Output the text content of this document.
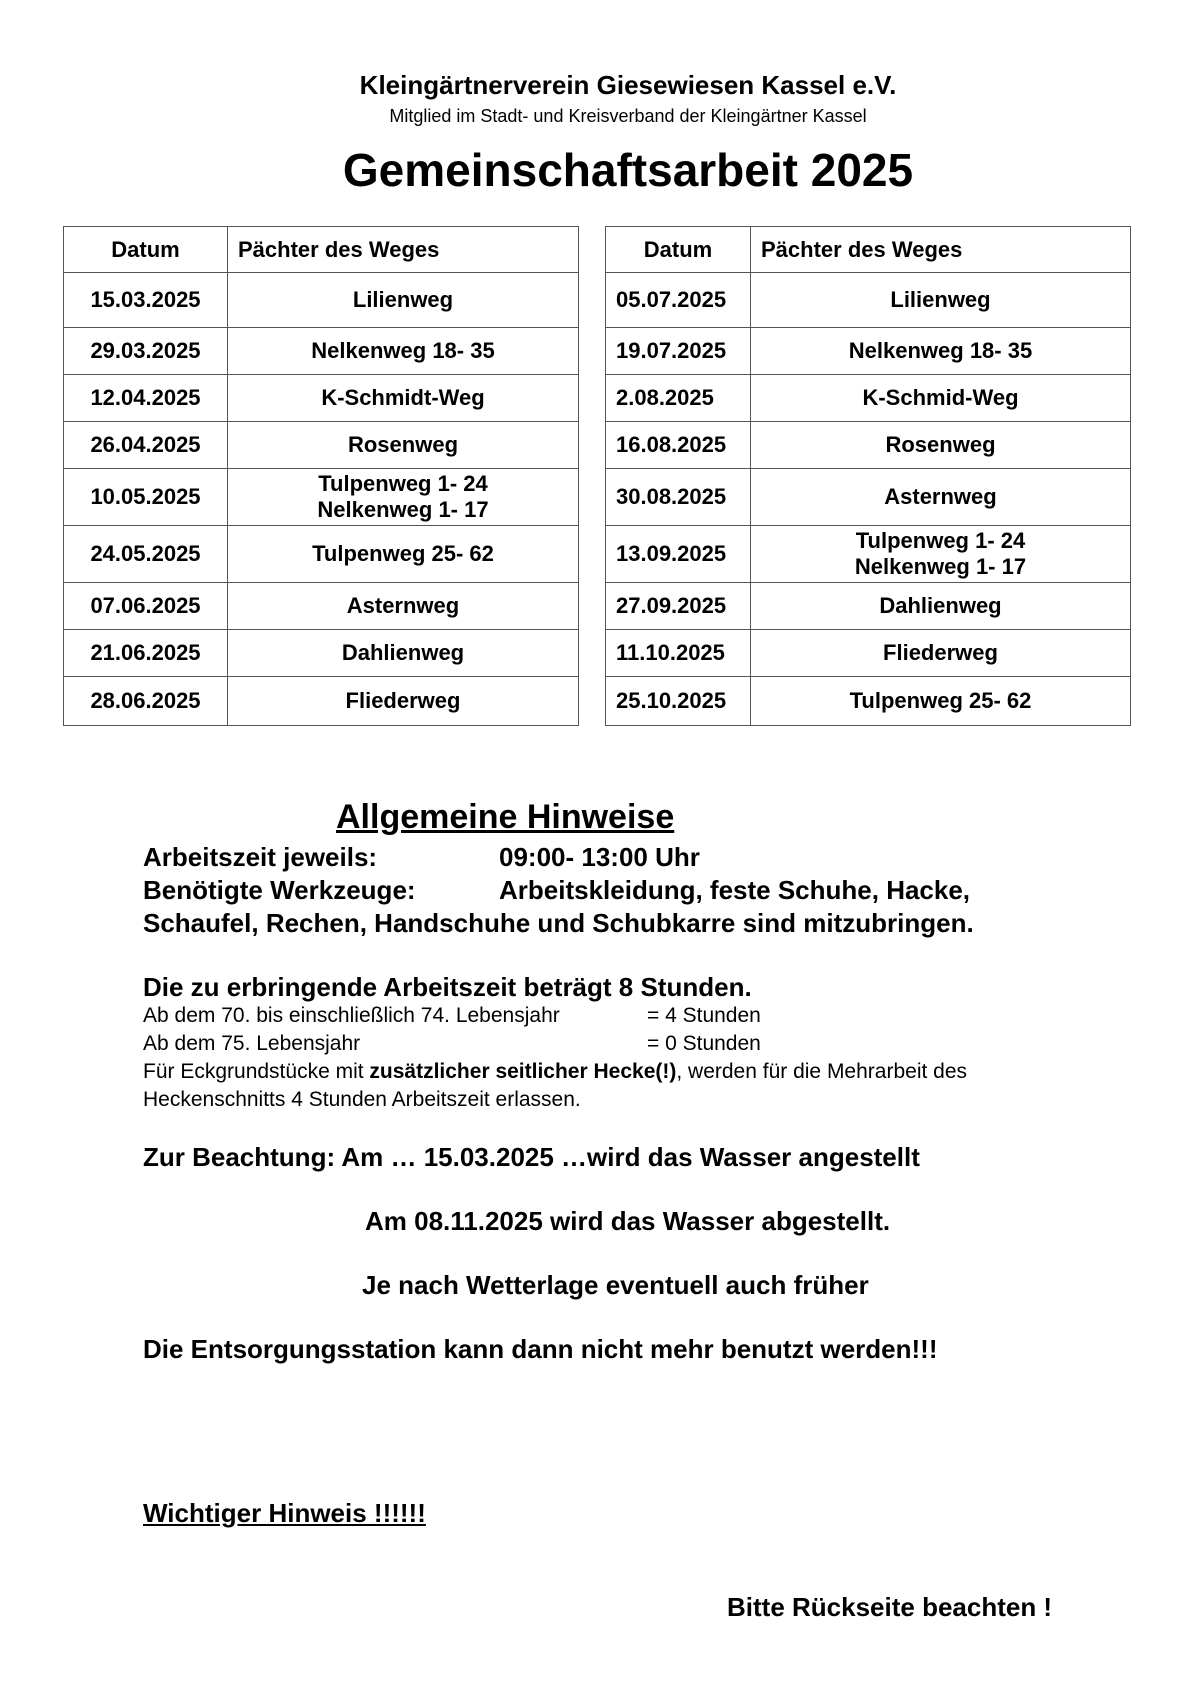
Kleingärtnerverein Giesewiesen Kassel e.V.
Mitglied im Stadt- und Kreisverband der Kleingärtner Kassel
Gemeinschaftsarbeit 2025
Datum	Pächter des Weges
15.03.2025	Lilienweg

29.03.2025	Nelkenweg 18- 35

12.04.2025	K-Schmidt-Weg

26.04.2025	Rosenweg

10.05.2025	Tulpenweg 1- 24
Nelkenweg 1- 17

24.05.2025	Tulpenweg 25- 62

07.06.2025	Asternweg

21.06.2025	Dahlienweg

28.06.2025	Fliederweg
Datum	Pächter des Weges
05.07.2025	Lilienweg

19.07.2025	Nelkenweg 18- 35

2.08.2025	K-Schmid-Weg

16.08.2025	Rosenweg

30.08.2025	Asternweg

13.09.2025	Tulpenweg 1- 24
Nelkenweg 1- 17

27.09.2025	Dahlienweg

11.10.2025	Fliederweg

25.10.2025	Tulpenweg 25- 62
Allgemeine Hinweise
Arbeitszeit jeweils:	09:00- 13:00 Uhr
Benötigte Werkzeuge:	Arbeitskleidung, feste Schuhe, Hacke,
Schaufel, Rechen, Handschuhe und Schubkarre sind mitzubringen.
Die zu erbringende Arbeitszeit beträgt 8 Stunden.
Ab dem 70. bis einschließlich 74. Lebensjahr	= 4 Stunden
Ab dem 75. Lebensjahr	= 0 Stunden
Für Eckgrundstücke mit zusätzlicher seitlicher Hecke(!), werden für die Mehrarbeit des
Heckenschnitts 4 Stunden Arbeitszeit erlassen.
Zur Beachtung: Am … 15.03.2025 …wird das Wasser angestellt
Am 08.11.2025 wird das Wasser abgestellt.
Je nach Wetterlage eventuell auch früher
Die Entsorgungsstation kann dann nicht mehr benutzt werden!!!
Wichtiger Hinweis !!!!!!
Bitte Rückseite beachten !
